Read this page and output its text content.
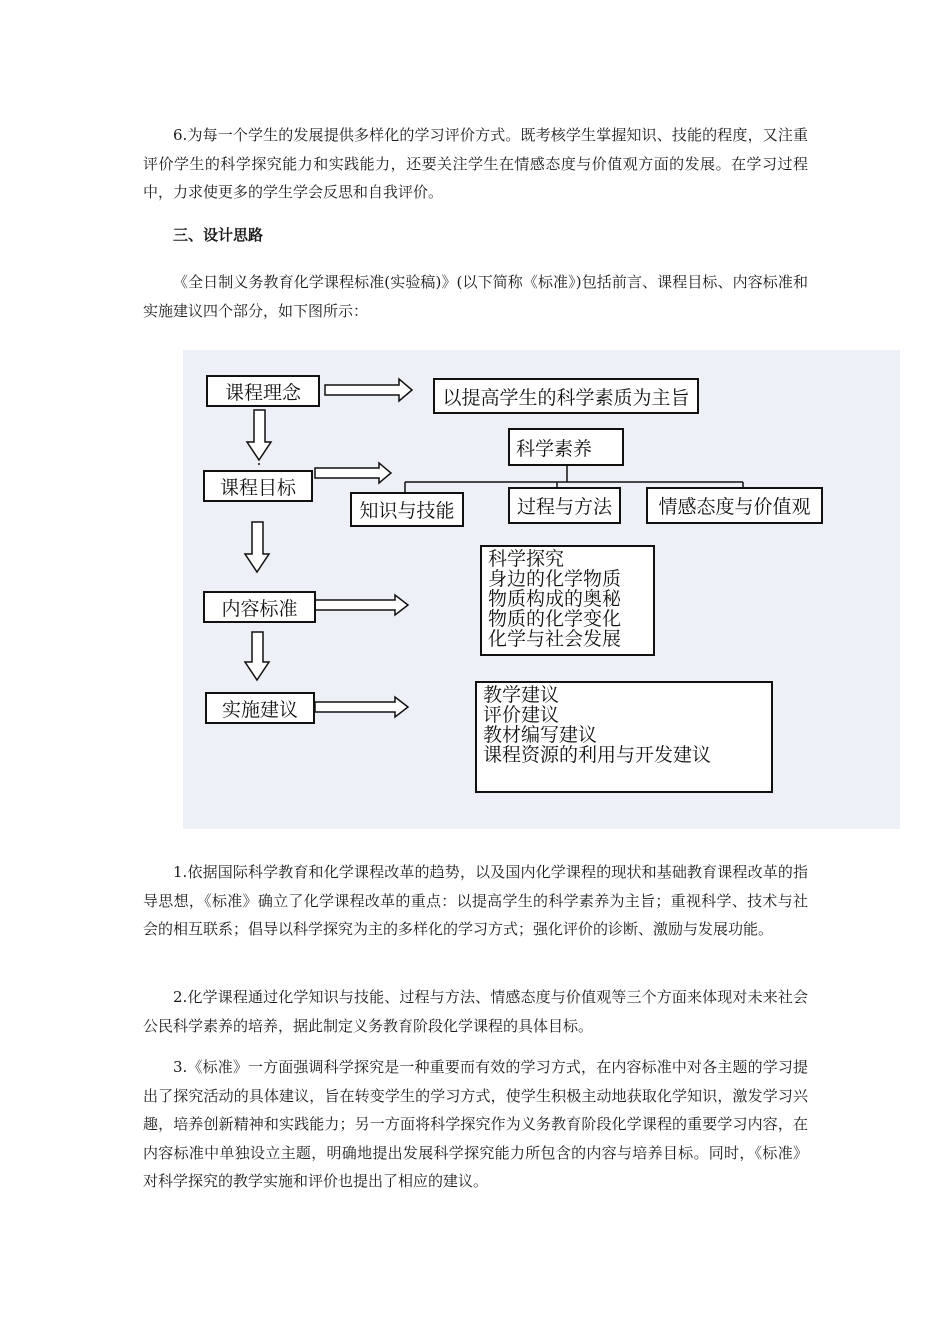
6.为每一个学生的发展提供多样化的学习评价方式。既考核学生掌握知识、技能的程度，又注重评价学生的科学探究能力和实践能力，还要关注学生在情感态度与价值观方面的发展。在学习过程中，力求使更多的学生学会反思和自我评价。

三、设计思路

《全日制义务教育化学课程标准(实验稿)》(以下简称《标准》)包括前言、课程目标、内容标准和实施建议四个部分，如下图所示：

课程理念	以提高学生的科学素质为主旨
科学素养
课程目标
知识与技能	过程与方法 情感态度与价值观
科学探究
身边的化学物质
物质构成的奥秘
物质的化学变化
化学与社会发展
内容标准
教学建议
评价建议
教材编写建议
课程资源的利用与开发建议
实施建议

1.依据国际科学教育和化学课程改革的趋势，以及国内化学课程的现状和基础教育课程改革的指导思想，《标准》确立了化学课程改革的重点：以提高学生的科学素养为主旨；重视科学、技术与社会的相互联系；倡导以科学探究为主的多样化的学习方式；强化评价的诊断、激励与发展功能。

2.化学课程通过化学知识与技能、过程与方法、情感态度与价值观等三个方面来体现对未来社会公民科学素养的培养，据此制定义务教育阶段化学课程的具体目标。

3.《标准》一方面强调科学探究是一种重要而有效的学习方式，在内容标准中对各主题的学习提出了探究活动的具体建议，旨在转变学生的学习方式，使学生积极主动地获取化学知识，激发学习兴趣，培养创新精神和实践能力；另一方面将科学探究作为义务教育阶段化学课程的重要学习内容，在内容标准中单独设立主题，明确地提出发展科学探究能力所包含的内容与培养目标。同时，《标准》对科学探究的教学实施和评价也提出了相应的建议。
